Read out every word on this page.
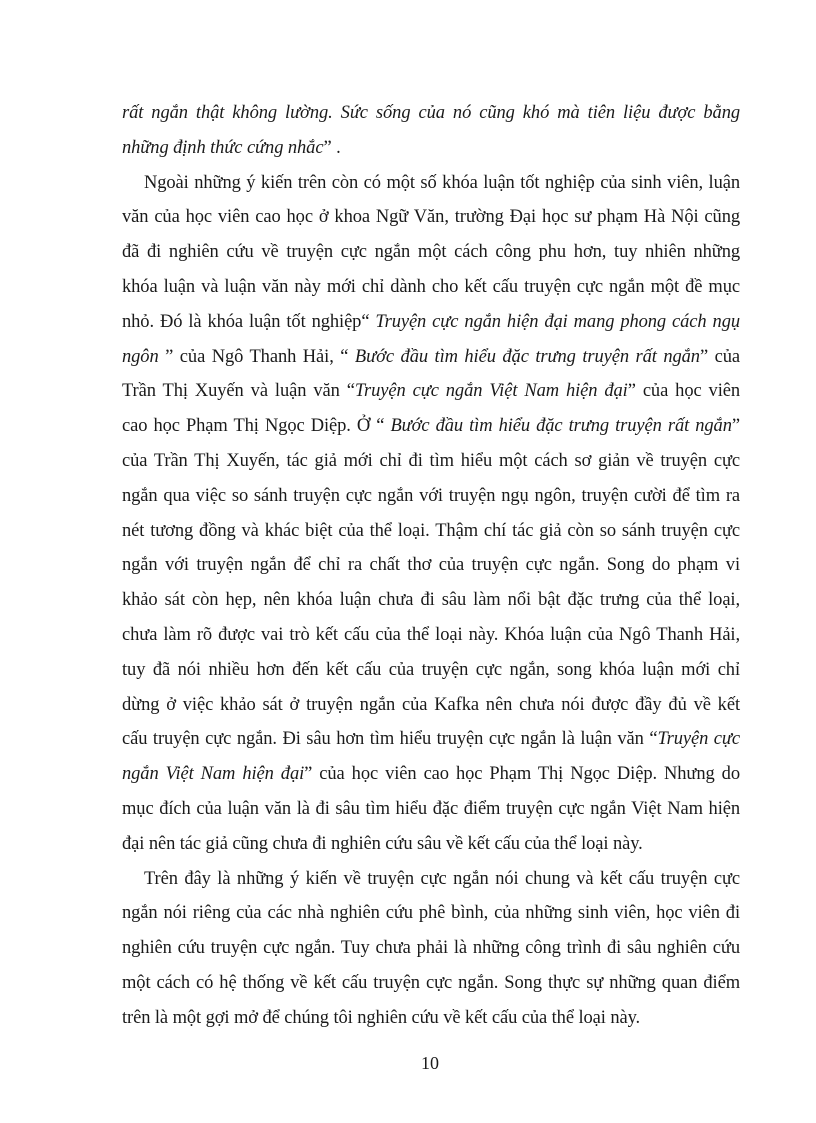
rất ngắn thật không lường. Sức sống của nó cũng khó mà tiên liệu được bằng
những định thức cứng nhắc” .
Ngoài những ý kiến trên còn có một số khóa luận tốt nghiệp của sinh viên, luận
văn của học viên cao học ở khoa Ngữ Văn, trường Đại học sư phạm Hà Nội cũng
đã đi nghiên cứu về truyện cực ngắn một cách công phu hơn, tuy nhiên những
khóa luận và luận văn này mới chỉ dành cho kết cấu truyện cực ngắn một đề mục
nhỏ. Đó là khóa luận tốt nghiệp“ Truyện cực ngắn hiện đại mang phong cách ngụ
ngôn ” của Ngô Thanh Hải, “ Bước đầu tìm hiểu đặc trưng truyện rất ngắn” của
Trần Thị Xuyến và luận văn “Truyện cực ngắn Việt Nam hiện đại” của học viên
cao học Phạm Thị Ngọc Diệp. Ở “ Bước đầu tìm hiểu đặc trưng truyện rất ngắn”
của Trần Thị Xuyến, tác giả mới chỉ đi tìm hiểu một cách sơ giản về truyện cực
ngắn qua việc so sánh truyện cực ngắn với truyện ngụ ngôn, truyện cười để tìm ra
nét tương đồng và khác biệt của thể loại. Thậm chí tác giả còn so sánh truyện cực
ngắn với truyện ngắn để chỉ ra chất thơ của truyện cực ngắn. Song do phạm vi
khảo sát còn hẹp, nên khóa luận chưa đi sâu làm nổi bật đặc trưng của thể loại,
chưa làm rõ được vai trò kết cấu của thể loại này. Khóa luận của Ngô Thanh Hải,
tuy đã nói nhiều hơn đến kết cấu của truyện cực ngắn, song khóa luận mới chỉ
dừng ở việc khảo sát ở truyện ngắn của Kafka nên chưa nói được đầy đủ về kết
cấu truyện cực ngắn. Đi sâu hơn tìm hiểu truyện cực ngắn là luận văn “Truyện cực
ngắn Việt Nam hiện đại” của học viên cao học Phạm Thị Ngọc Diệp. Nhưng do
mục đích của luận văn là đi sâu tìm hiểu đặc điểm truyện cực ngắn Việt Nam hiện
đại nên tác giả cũng chưa đi nghiên cứu sâu về kết cấu của thể loại này.
Trên đây là những ý kiến về truyện cực ngắn nói chung và kết cấu truyện cực
ngắn nói riêng của các nhà nghiên cứu phê bình, của những sinh viên, học viên đi
nghiên cứu truyện cực ngắn. Tuy chưa phải là những công trình đi sâu nghiên cứu
một cách có hệ thống về kết cấu truyện cực ngắn. Song thực sự những quan điểm
trên là một gợi mở để chúng tôi nghiên cứu về kết cấu của thể loại này.
10
